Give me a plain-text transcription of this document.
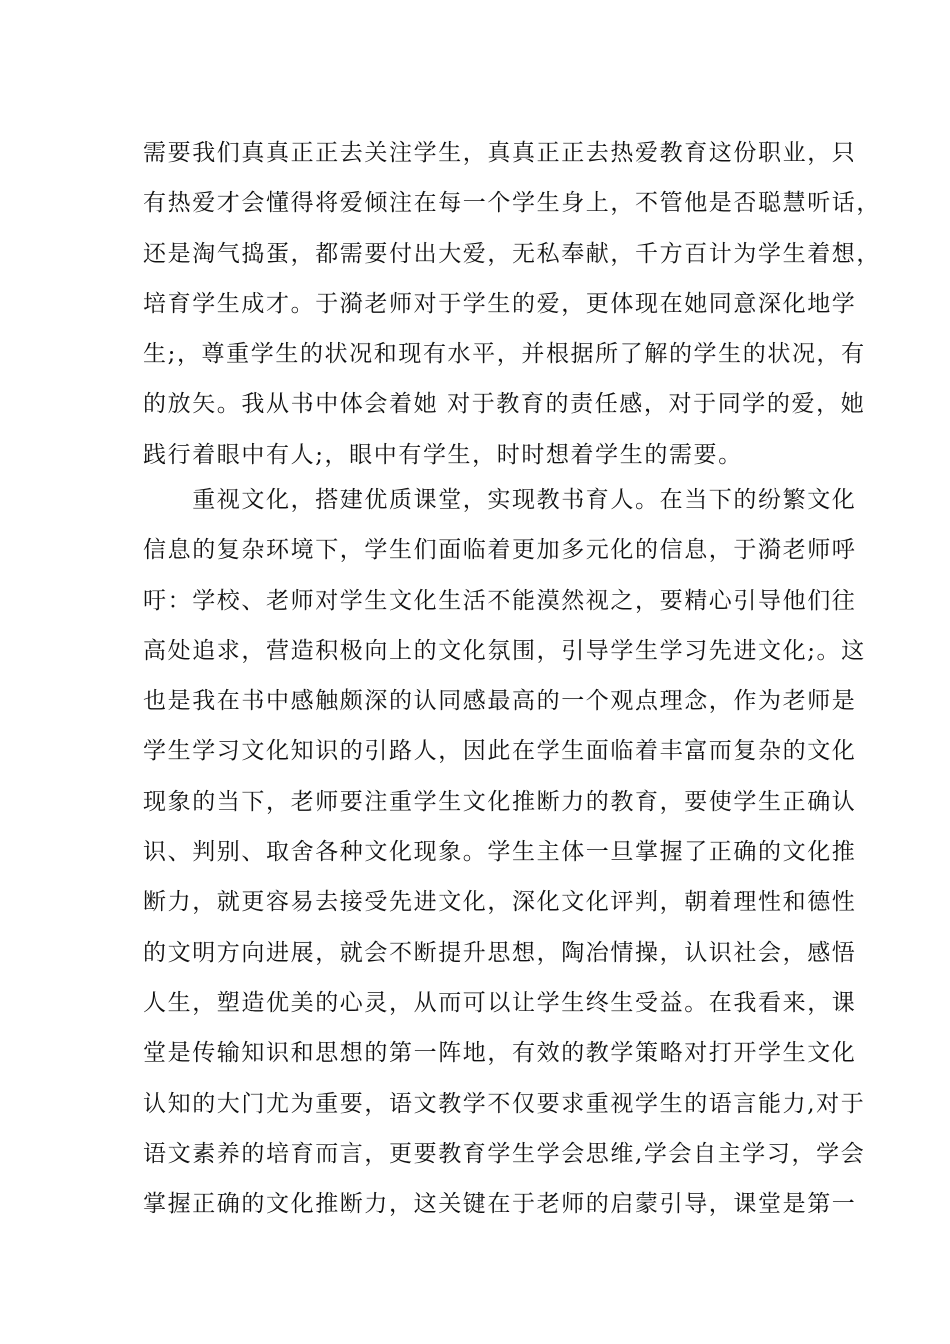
需要我们真真正正去关注学生，真真正正去热爱教育这份职业，只
有热爱才会懂得将爱倾注在每一个学生身上，不管他是否聪慧听话，
还是淘气捣蛋，都需要付出大爱，无私奉献，千方百计为学生着想，
培育学生成才。于漪老师对于学生的爱，更体现在她同意深化地学
生;，尊重学生的状况和现有水平，并根据所了解的学生的状况，有
的放矢。我从书中体会着她 对于教育的责任感，对于同学的爱，她
践行着眼中有人;，眼中有学生，时时想着学生的需要。
　　重视文化，搭建优质课堂，实现教书育人。在当下的纷繁文化
信息的复杂环境下，学生们面临着更加多元化的信息，于漪老师呼
吁：学校、老师对学生文化生活不能漠然视之，要精心引导他们往
高处追求，营造积极向上的文化氛围，引导学生学习先进文化;。这
也是我在书中感触颇深的认同感最高的一个观点理念，作为老师是
学生学习文化知识的引路人，因此在学生面临着丰富而复杂的文化
现象的当下，老师要注重学生文化推断力的教育，要使学生正确认
识、判别、取舍各种文化现象。学生主体一旦掌握了正确的文化推
断力，就更容易去接受先进文化，深化文化评判，朝着理性和德性
的文明方向进展，就会不断提升思想，陶冶情操，认识社会，感悟
人生，塑造优美的心灵，从而可以让学生终生受益。在我看来，课
堂是传输知识和思想的第一阵地，有效的教学策略对打开学生文化
认知的大门尤为重要，语文教学不仅要求重视学生的语言能力,对于
语文素养的培育而言，更要教育学生学会思维,学会自主学习，学会
掌握正确的文化推断力，这关键在于老师的启蒙引导，课堂是第一
